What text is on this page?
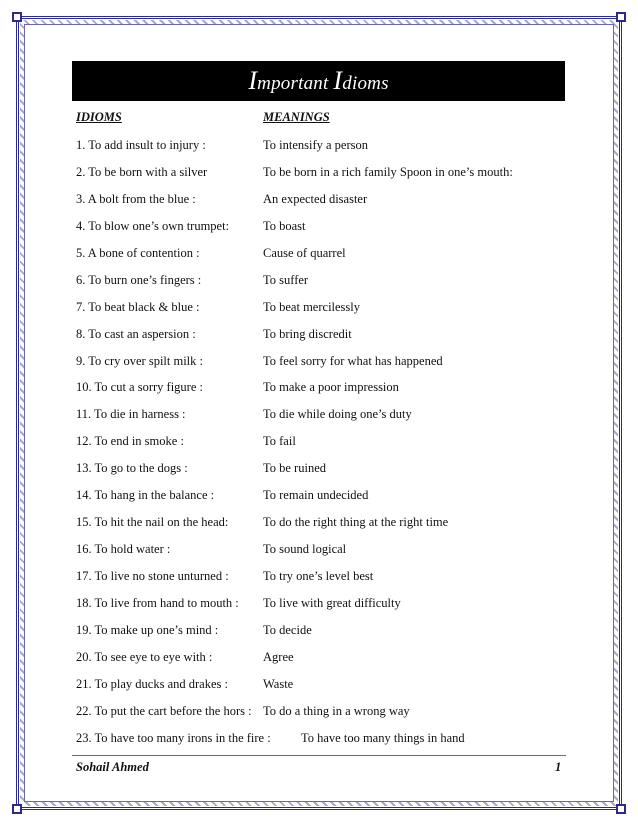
Important Idioms
IDIOMS	MEANINGS
1. To add insult to injury :	To intensify a person
2. To be born with a silver	To be born in a rich family Spoon in one’s mouth:
3. A bolt from the blue :	An expected disaster
4. To blow one’s own trumpet:	To boast
5. A bone of contention :	Cause of quarrel
6. To burn one’s fingers :	To suffer
7. To beat black & blue :	To beat mercilessly
8. To cast an aspersion :	To bring discredit
9. To cry over spilt milk :	To feel sorry for what has happened
10. To cut a sorry figure :	To make a poor impression
11. To die in harness :	To die while doing one’s duty
12. To end in smoke :	To fail
13. To go to the dogs :	To be ruined
14. To hang in the balance :	To remain undecided
15. To hit the nail on the head:	To do the right thing at the right time
16. To hold water :	To sound logical
17. To live no stone unturned :	To try one’s level best
18. To live from hand to mouth : To live with great difficulty
19. To make up one’s mind :	To decide
20. To see eye to eye with :	Agree
21. To play ducks and drakes :	Waste
22. To put the cart before the hors : To do a thing in a wrong way
23. To have too many irons in the fire : To have too many things in hand
Sohail Ahmed	1
